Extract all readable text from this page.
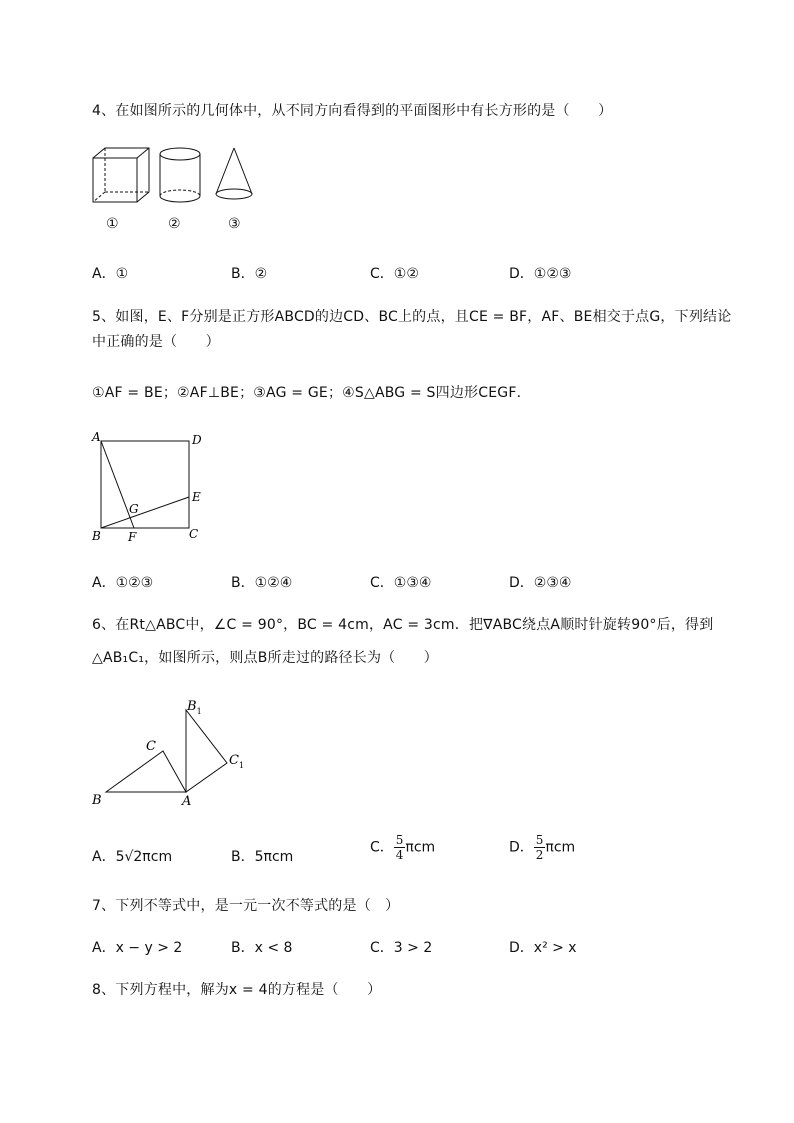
4、在如图所示的几何体中，从不同方向看得到的平面图形中有长方形的是（　　）
①	②	③
A．①	B．②	C．①②	D．①②③
5、如图，E、F分别是正方形ABCD的边CD、BC上的点，且CE = BF，AF、BE相交于点G，下列结论
中正确的是（　　）
①AF = BE；②AF⊥BE；③AG = GE；④S△ABG = S四边形CEGF．
A	D
E
G
B F	C
A．①②③	B．①②④	C．①③④	D．②③④
6、在Rt△ABC中，∠C = 90°，BC = 4cm，AC = 3cm．把∇ABC绕点A顺时针旋转90°后，得到
△AB₁C₁，如图所示，则点B所走过的路径长为（　　）
$B_1$
C
$C_1$
B	A
A．5√2πcm	B．5πcm
C． $\frac{5}{4}$ πcm	D． $\frac{5}{2}$ πcm
7、下列不等式中，是一元一次不等式的是（　）
A．x − y > 2	B．x < 8	C．3 > 2	D．x² > x
8、下列方程中，解为x = 4的方程是（　　）
